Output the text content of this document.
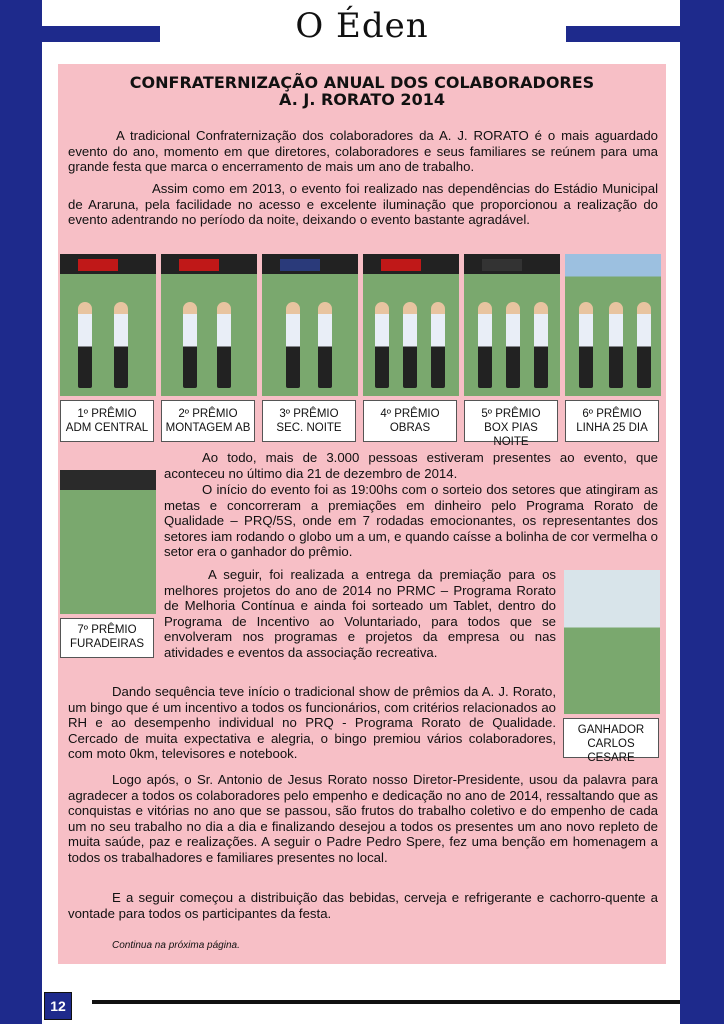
O Éden
CONFRATERNIZAÇÃO ANUAL DOS COLABORADORES
A. J. RORATO 2014

A tradicional Confraternização dos colaboradores da A. J. RORATO é o mais aguardado evento do ano, momento em que diretores, colaboradores e seus familiares se reúnem para uma grande festa que marca o encerramento de mais um ano de trabalho.

Assim como em 2013, o evento foi realizado nas dependências do Estádio Municipal de Araruna, pela facilidade no acesso e excelente iluminação que proporcionou a realização do evento adentrando no período da noite, deixando o evento bastante agradável.

1º PRÊMIO
ADM CENTRAL
2º PRÊMIO
MONTAGEM AB
3º PRÊMIO
SEC. NOITE
4º PRÊMIO
OBRAS
5º PRÊMIO
BOX PIAS NOITE
6º PRÊMIO
LINHA 25 DIA
7º PRÊMIO
FURADEIRAS
GANHADOR
CARLOS CESARE

Ao todo, mais de 3.000 pessoas estiveram presentes ao evento, que aconteceu no último dia 21 de dezembro de 2014.

O início do evento foi as 19:00hs com o sorteio dos setores que atingiram as metas e concorreram a premiações em dinheiro pelo Programa Rorato de Qualidade – PRQ/5S, onde em 7 rodadas emocionantes, os representantes dos setores iam rodando o globo um a um, e quando caísse a bolinha de cor vermelha o setor era o ganhador do prêmio.

A seguir, foi realizada a entrega da premiação para os melhores projetos do ano de 2014 no PRMC – Programa Rorato de Melhoria Contínua e ainda foi sorteado um Tablet, dentro do Programa de Incentivo ao Voluntariado, para todos que se envolveram nos programas e projetos da empresa ou nas atividades e eventos da associação recreativa.

Dando sequência teve início o tradicional show de prêmios da A. J. Rorato, um bingo que é um incentivo a todos os funcionários, com critérios relacionados ao RH e ao desempenho individual no PRQ - Programa Rorato de Qualidade. Cercado de muita expectativa e alegria, o bingo premiou vários colaboradores, com moto 0km, televisores e notebook.

Logo após, o Sr. Antonio de Jesus Rorato nosso Diretor-Presidente, usou da palavra para agradecer a todos os colaboradores pelo empenho e dedicação no ano de 2014, ressaltando que as conquistas e vitórias no ano que se passou, são frutos do trabalho coletivo e do empenho de cada um no seu trabalho no dia a dia e finalizando desejou a todos os presentes um ano novo repleto de muita saúde, paz e realizações. A seguir o Padre Pedro Spere, fez uma benção em homenagem a todos os trabalhadores e familiares presentes no local.

E a seguir começou a distribuição das bebidas, cerveja e refrigerante e cachorro-quente a vontade para todos os participantes da festa.

Continua na próxima página.
12
